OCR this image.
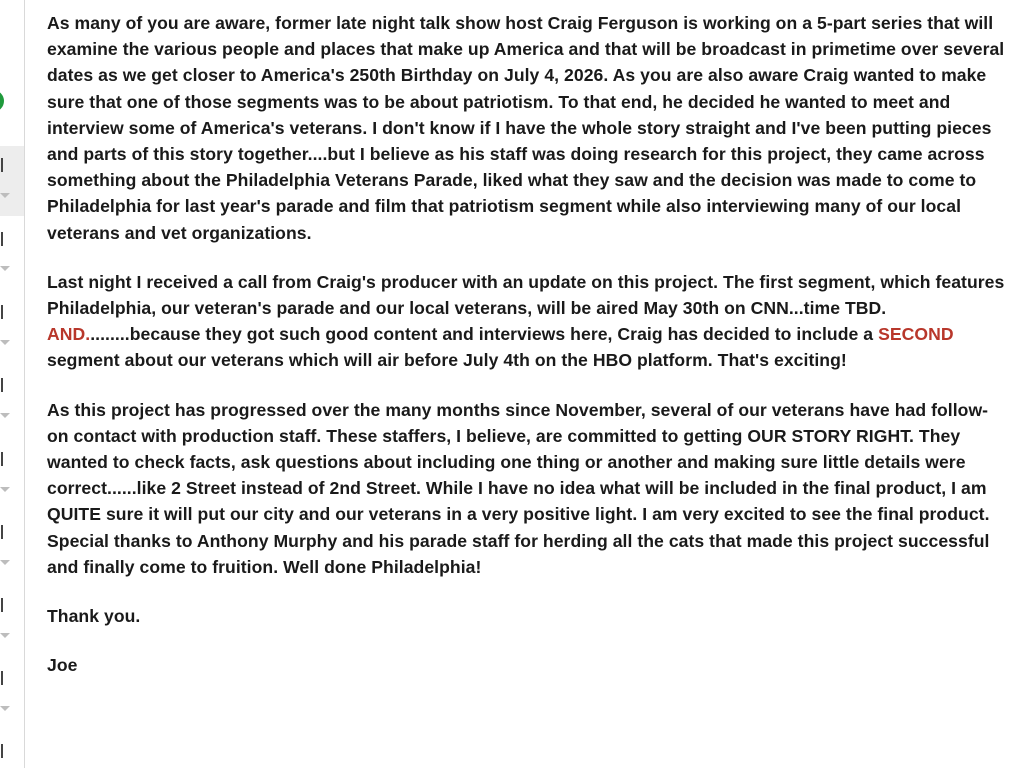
As many of you are aware, former late night talk show host Craig Ferguson is working on a 5-part series that will examine the various people and places that make up America and that will be broadcast in primetime over several dates as we get closer to America's 250th Birthday on July 4, 2026. As you are also aware Craig wanted to make sure that one of those segments was to be about patriotism. To that end, he decided he wanted to meet and interview some of America's veterans. I don't know if I have the whole story straight and I've been putting pieces and parts of this story together....but I believe as his staff was doing research for this project, they came across something about the Philadelphia Veterans Parade, liked what they saw and the decision was made to come to Philadelphia for last year's parade and film that patriotism segment while also interviewing many of our local veterans and vet organizations.

Last night I received a call from Craig's producer with an update on this project. The first segment, which features Philadelphia, our veteran's parade and our local veterans, will be aired May 30th on CNN...time TBD. AND.........because they got such good content and interviews here, Craig has decided to include a SECOND segment about our veterans which will air before July 4th on the HBO platform. That's exciting!

As this project has progressed over the many months since November, several of our veterans have had follow-on contact with production staff. These staffers, I believe, are committed to getting OUR STORY RIGHT. They wanted to check facts, ask questions about including one thing or another and making sure little details were correct......like 2 Street instead of 2nd Street. While I have no idea what will be included in the final product, I am QUITE sure it will put our city and our veterans in a very positive light. I am very excited to see the final product. Special thanks to Anthony Murphy and his parade staff for herding all the cats that made this project successful and finally come to fruition. Well done Philadelphia!

Thank you.

Joe
